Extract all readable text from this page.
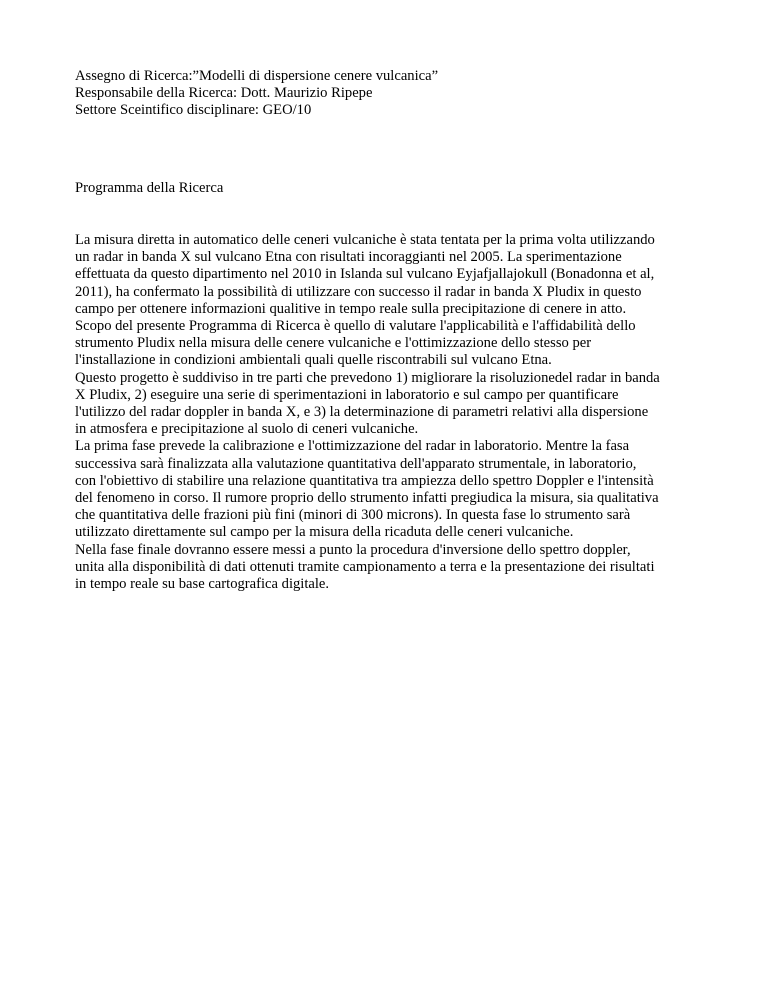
Assegno di Ricerca:”Modelli di dispersione cenere vulcanica”
Responsabile della Ricerca: Dott. Maurizio Ripepe
Settore Sceintifico disciplinare: GEO/10
Programma della Ricerca
La misura diretta in automatico delle ceneri vulcaniche è stata tentata per la prima volta utilizzando
un radar in banda X sul vulcano Etna con risultati incoraggianti nel 2005. La sperimentazione
effettuata da questo dipartimento nel 2010 in Islanda sul vulcano Eyjafjallajokull (Bonadonna et al,
2011), ha confermato la possibilità di utilizzare con successo il radar in banda X Pludix in questo
campo per ottenere informazioni qualitive in tempo reale sulla precipitazione di cenere in atto.
Scopo del presente Programma di Ricerca è quello di valutare l'applicabilità e l'affidabilità dello
strumento Pludix nella misura delle cenere vulcaniche e l'ottimizzazione dello stesso per
l'installazione in condizioni ambientali quali quelle riscontrabili sul vulcano Etna.
Questo progetto è suddiviso in tre parti che prevedono 1) migliorare la risoluzionedel radar in banda
X Pludix, 2) eseguire una serie di sperimentazioni in laboratorio e sul campo per quantificare
l'utilizzo del radar doppler in banda X, e 3) la determinazione di parametri relativi alla dispersione
in atmosfera e precipitazione al suolo di ceneri vulcaniche.
La prima fase prevede la calibrazione e l'ottimizzazione del radar in laboratorio. Mentre la fasa
successiva sarà finalizzata alla valutazione quantitativa dell'apparato strumentale, in laboratorio,
con l'obiettivo di stabilire una relazione quantitativa tra ampiezza dello spettro Doppler e l'intensità
del fenomeno in corso. Il rumore proprio dello strumento infatti pregiudica la misura, sia qualitativa
che quantitativa delle frazioni più fini (minori di 300 microns). In questa fase lo strumento sarà
utilizzato direttamente sul campo per la misura della ricaduta delle ceneri vulcaniche.
Nella fase finale dovranno essere messi a punto la procedura d'inversione dello spettro doppler,
unita alla disponibilità di dati ottenuti tramite campionamento a terra e la presentazione dei risultati
in tempo reale su base cartografica digitale.
